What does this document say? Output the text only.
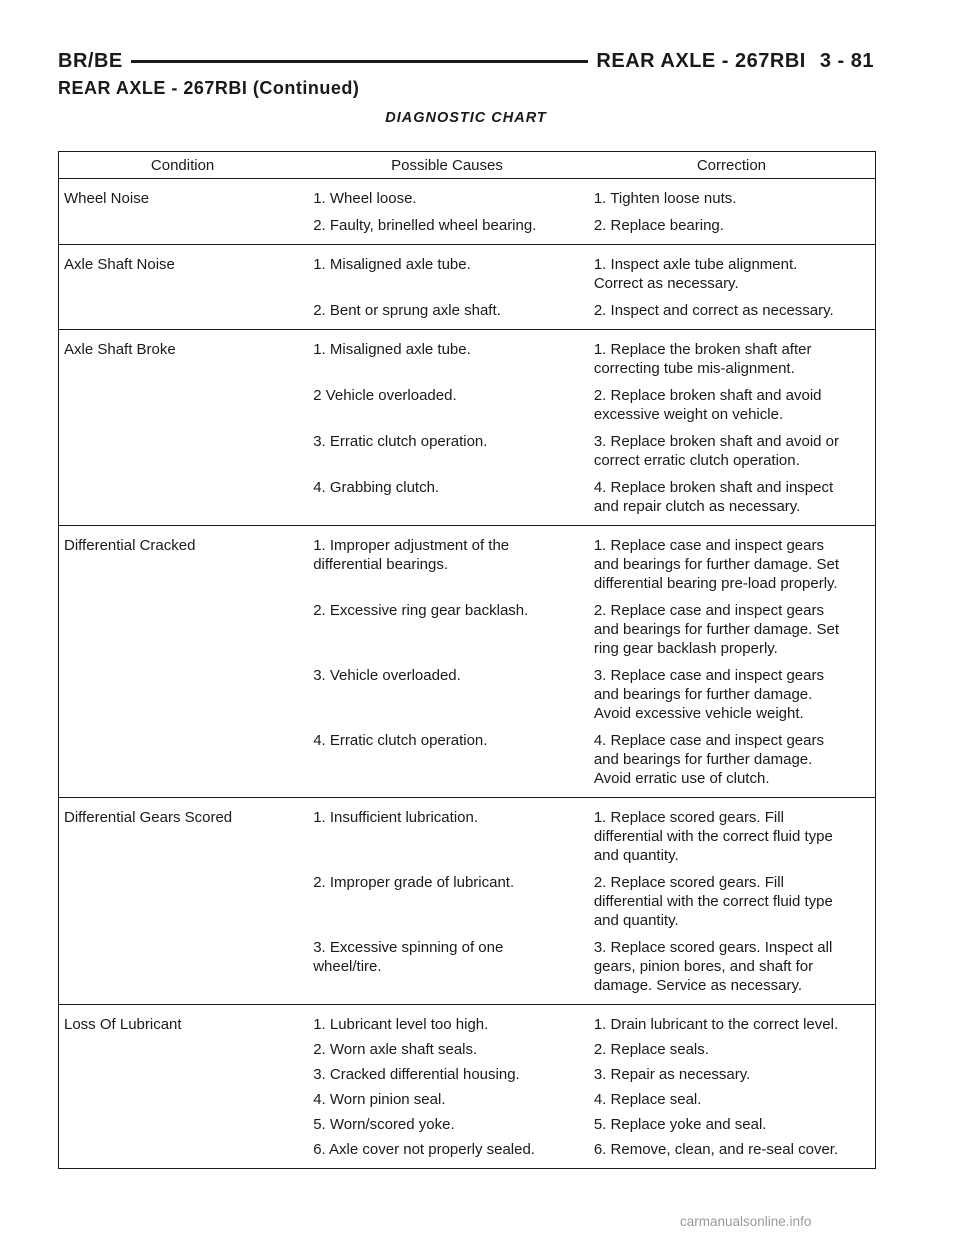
BR/BE	REAR AXLE - 267RBI 3 - 81
REAR AXLE - 267RBI (Continued)
DIAGNOSTIC CHART
Condition	Possible Causes	Correction
Wheel Noise	1. Wheel loose.	1. Tighten loose nuts.

	2. Faulty, brinelled wheel bearing.	2. Replace bearing.

Axle Shaft Noise	1. Misaligned axle tube.	1. Inspect axle tube alignment.
Correct as necessary.

	2. Bent or sprung axle shaft.	2. Inspect and correct as necessary.

Axle Shaft Broke	1. Misaligned axle tube.	1. Replace the broken shaft after
correcting tube mis-alignment.

	2 Vehicle overloaded.	2. Replace broken shaft and avoid
excessive weight on vehicle.

	3. Erratic clutch operation.	3. Replace broken shaft and avoid or
correct erratic clutch operation.

	4. Grabbing clutch.	4. Replace broken shaft and inspect
and repair clutch as necessary.

Differential Cracked	1. Improper adjustment of the
differential bearings.	1. Replace case and inspect gears
and bearings for further damage. Set
differential bearing pre-load properly.

	2. Excessive ring gear backlash.	2. Replace case and inspect gears
and bearings for further damage. Set
ring gear backlash properly.

	3. Vehicle overloaded.	3. Replace case and inspect gears
and bearings for further damage.
Avoid excessive vehicle weight.

	4. Erratic clutch operation.	4. Replace case and inspect gears
and bearings for further damage.
Avoid erratic use of clutch.

Differential Gears Scored	1. Insufficient lubrication.	1. Replace scored gears. Fill
differential with the correct fluid type
and quantity.

	2. Improper grade of lubricant.	2. Replace scored gears. Fill
differential with the correct fluid type
and quantity.

	3. Excessive spinning of one
wheel/tire.	3. Replace scored gears. Inspect all
gears, pinion bores, and shaft for
damage. Service as necessary.

Loss Of Lubricant	1. Lubricant level too high.	1. Drain lubricant to the correct level.

	2. Worn axle shaft seals.	2. Replace seals.

	3. Cracked differential housing.	3. Repair as necessary.

	4. Worn pinion seal.	4. Replace seal.

	5. Worn/scored yoke.	5. Replace yoke and seal.

	6. Axle cover not properly sealed.	6. Remove, clean, and re-seal cover.
carmanualsonline.info
